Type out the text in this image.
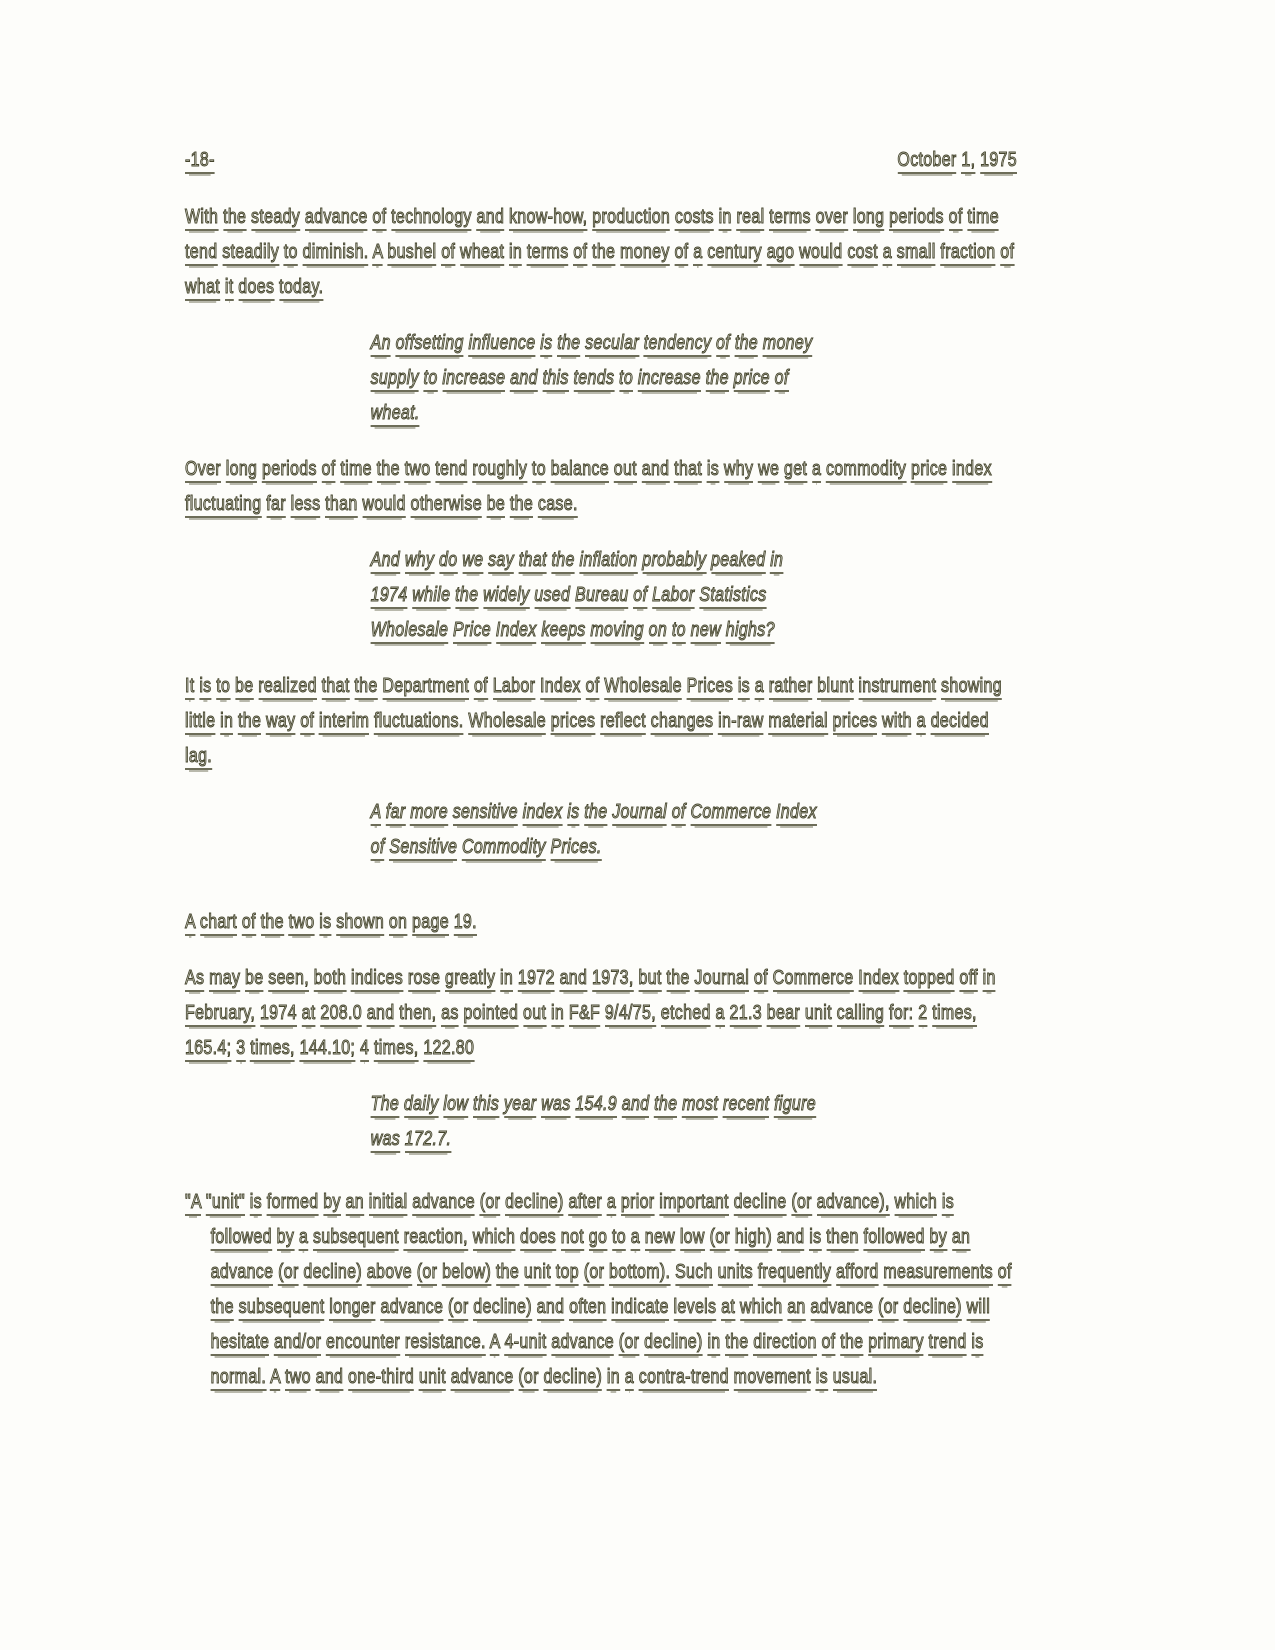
-18-	October 1, 1975

With the steady advance of technology and know-how, production costs in real terms over long periods of time tend steadily to diminish. A bushel of wheat in terms of the money of a century ago would cost a small fraction of what it does today.

An offsetting influence is the secular tendency of the money supply to increase and this tends to increase the price of wheat.

Over long periods of time the two tend roughly to balance out and that is why we get a commodity price index fluctuating far less than would otherwise be the case.

And why do we say that the inflation probably peaked in 1974 while the widely used Bureau of Labor Statistics Wholesale Price Index keeps moving on to new highs?

It is to be realized that the Department of Labor Index of Wholesale Prices is a rather blunt instrument showing little in the way of interim fluctuations. Wholesale prices reflect changes in-raw material prices with a decided lag.

A far more sensitive index is the Journal of Commerce Index of Sensitive Commodity Prices.

A chart of the two is shown on page 19.

As may be seen, both indices rose greatly in 1972 and 1973, but the Journal of Commerce Index topped off in February, 1974 at 208.0 and then, as pointed out in F&F 9/4/75, etched a 21.3 bear unit calling for: 2 times, 165.4; 3 times, 144.10; 4 times, 122.80

The daily low this year was 154.9 and the most recent figure was 172.7.

"A "unit" is formed by an initial advance (or decline) after a prior important decline (or advance), which is followed by a subsequent reaction, which does not go to a new low (or high) and is then followed by an advance (or decline) above (or below) the unit top (or bottom). Such units frequently afford measurements of the subsequent longer advance (or decline) and often indicate levels at which an advance (or decline) will hesitate and/or encounter resistance. A 4-unit advance (or decline) in the direction of the primary trend is normal. A two and one-third unit advance (or decline) in a contra-trend movement is usual.
